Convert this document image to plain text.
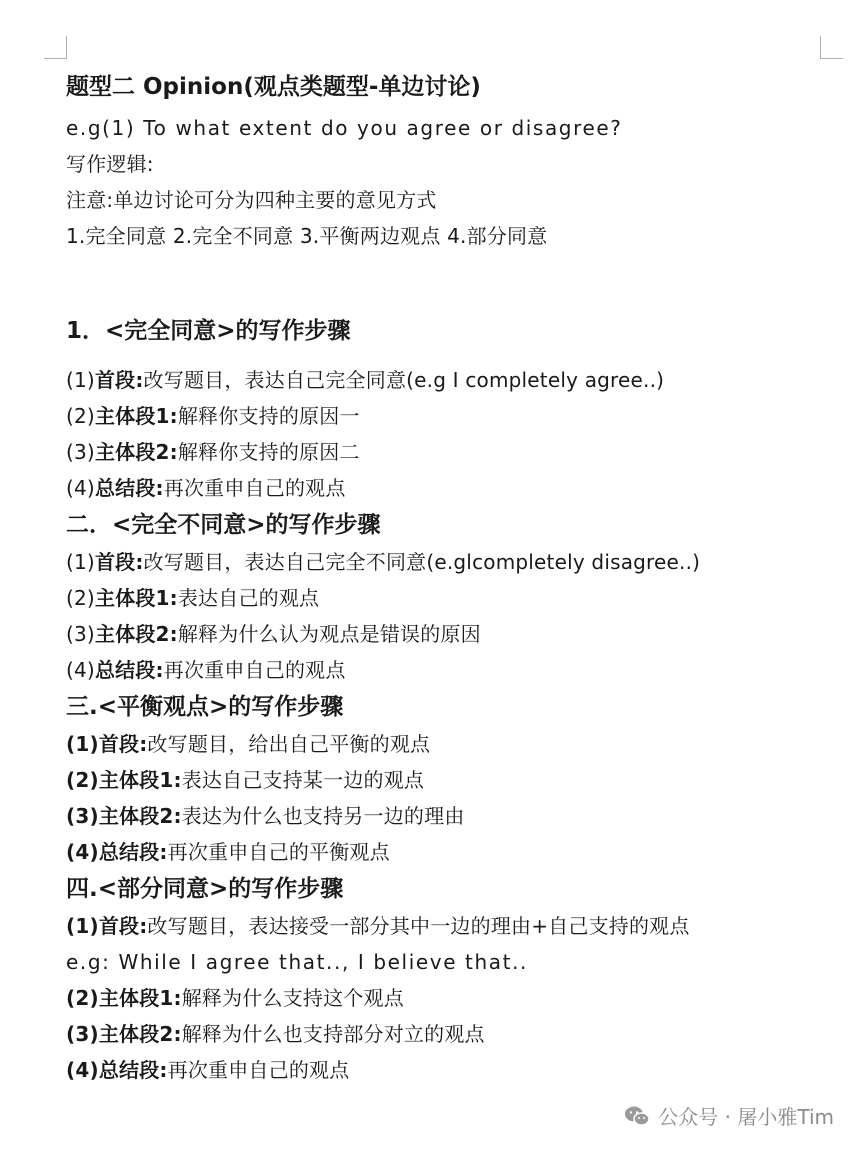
题型二 Opinion(观点类题型-单边讨论)
e.g(1) To what extent do you agree or disagree?
写作逻辑:
注意:单边讨论可分为四种主要的意见方式
1.完全同意 2.完全不同意 3.平衡两边观点 4.部分同意
1．<完全同意>的写作步骤
(1)首段:改写题目，表达自己完全同意(e.g I completely agree..)
(2)主体段1:解释你支持的原因一
(3)主体段2:解释你支持的原因二
(4)总结段:再次重申自己的观点
二．<完全不同意>的写作步骤
(1)首段:改写题目，表达自己完全不同意(e.glcompletely disagree..)
(2)主体段1:表达自己的观点
(3)主体段2:解释为什么认为观点是错误的原因
(4)总结段:再次重申自己的观点
三.<平衡观点>的写作步骤
(1)首段:改写题目，给出自己平衡的观点
(2)主体段1:表达自己支持某一边的观点
(3)主体段2:表达为什么也支持另一边的理由
(4)总结段:再次重申自己的平衡观点
四.<部分同意>的写作步骤
(1)首段:改写题目，表达接受一部分其中一边的理由+自己支持的观点
e.g: While I agree that.., I believe that..
(2)主体段1:解释为什么支持这个观点
(3)主体段2:解释为什么也支持部分对立的观点
(4)总结段:再次重申自己的观点
公众号 · 屠小雅Tim
